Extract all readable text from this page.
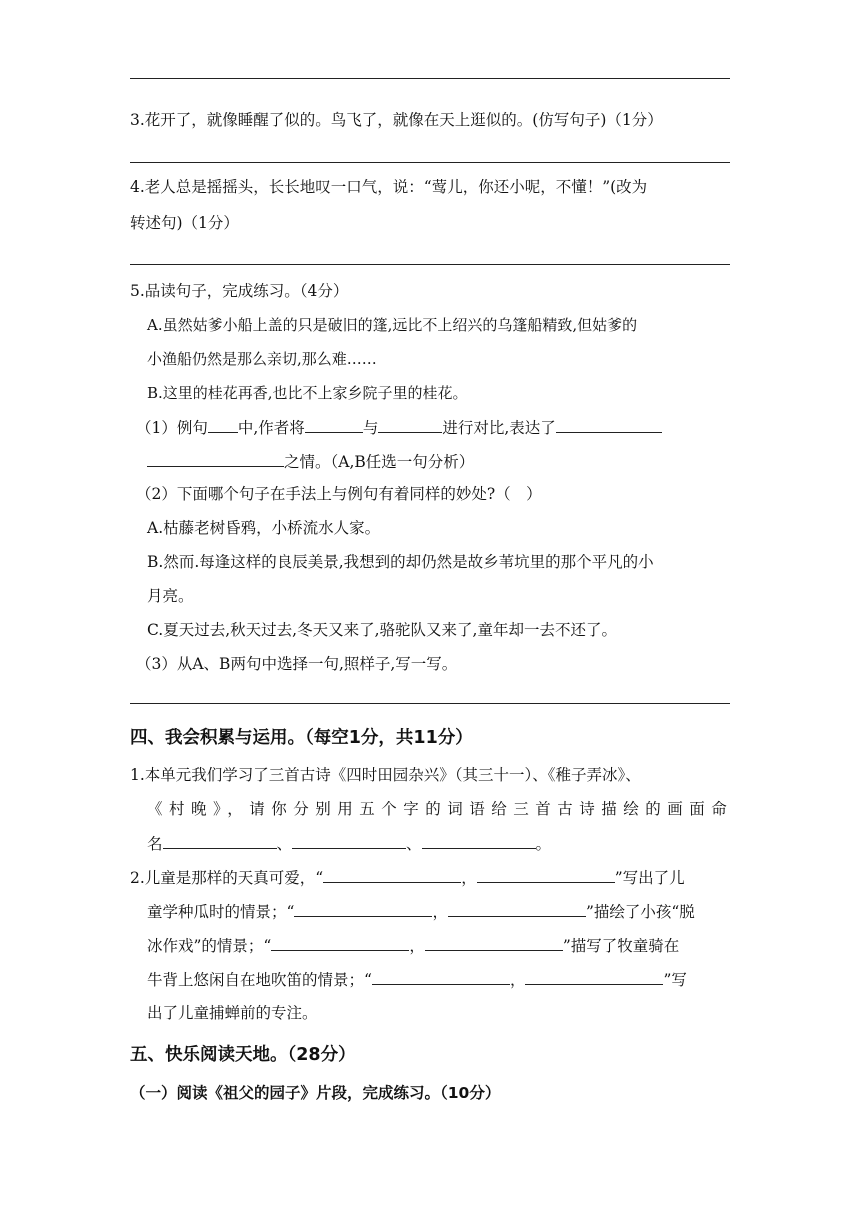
3.花开了，就像睡醒了似的。鸟飞了，就像在天上逛似的。(仿写句子)（1分）
4.老人总是摇摇头，长长地叹一口气，说：“莺儿，你还小呢，不懂！”(改为
转述句)（1分）
5.品读句子，完成练习。（4分）
A.虽然姑爹小船上盖的只是破旧的篷,远比不上绍兴的乌篷船精致,但姑爹的
小渔船仍然是那么亲切,那么难……
B.这里的桂花再香,也比不上家乡院子里的桂花。
（1）例句 中,作者将	与	进行对比,表达了
之情。（A,B任选一句分析）
（2）下面哪个句子在手法上与例句有着同样的妙处?（　）
A.枯藤老树昏鸦，小桥流水人家。
B.然而.每逢这样的良辰美景,我想到的却仍然是故乡苇坑里的那个平凡的小
月亮。
C.夏天过去,秋天过去,冬天又来了,骆驼队又来了,童年却一去不还了。
（3）从A、B两句中选择一句,照样子,写一写。
四、我会积累与运用。（每空1分，共11分）
1.本单元我们学习了三首古诗《四时田园杂兴》（其三十一）、《稚子弄冰》、
《村晚》，请你分别用五个字的词语给三首古诗描绘的画面命
名	、	、	。
2.儿童是那样的天真可爱，“	，	”写出了儿
童学种瓜时的情景；“	，	”描绘了小孩“脱
冰作戏”的情景；“	，	”描写了牧童骑在
牛背上悠闲自在地吹笛的情景；“	，	”写
出了儿童捕蝉前的专注。
五、快乐阅读天地。（28分）
（一）阅读《祖父的园子》片段，完成练习。（10分）
